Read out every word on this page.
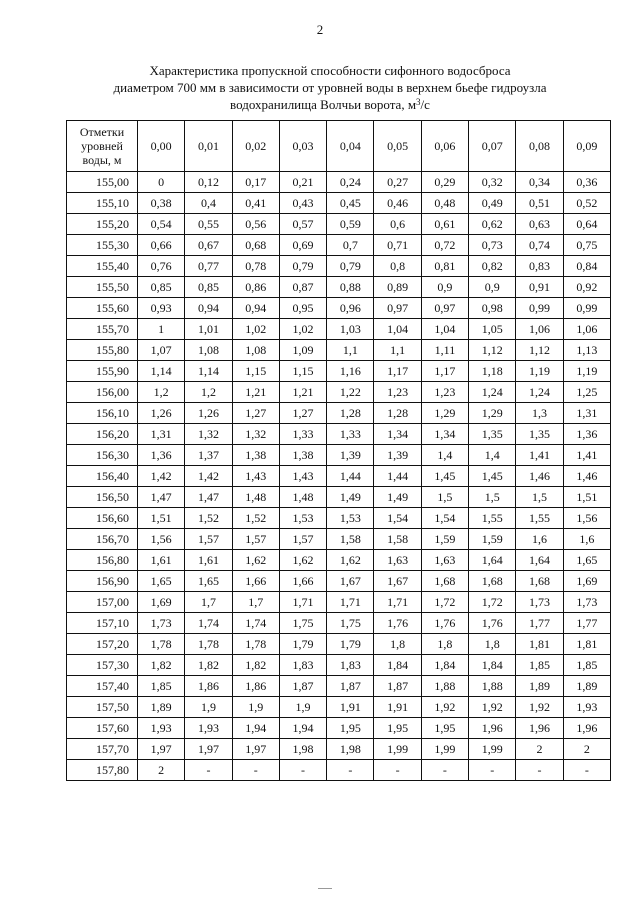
2
Характеристика пропускной способности сифонного водосброса
диаметром 700 мм в зависимости от уровней воды в верхнем бьефе гидроузла
водохранилища Волчьи ворота, $м^3/с$
Отметки
уровней
воды, м	0,00	0,01	0,02	0,03	0,04	0,05	0,06	0,07	0,08	0,09
155,00	0	0,12	0,17	0,21	0,24	0,27	0,29	0,32	0,34	0,36
155,10	0,38	0,4	0,41	0,43	0,45	0,46	0,48	0,49	0,51	0,52
155,20	0,54	0,55	0,56	0,57	0,59	0,6	0,61	0,62	0,63	0,64
155,30	0,66	0,67	0,68	0,69	0,7	0,71	0,72	0,73	0,74	0,75
155,40	0,76	0,77	0,78	0,79	0,79	0,8	0,81	0,82	0,83	0,84
155,50	0,85	0,85	0,86	0,87	0,88	0,89	0,9	0,9	0,91	0,92
155,60	0,93	0,94	0,94	0,95	0,96	0,97	0,97	0,98	0,99	0,99
155,70	1	1,01	1,02	1,02	1,03	1,04	1,04	1,05	1,06	1,06
155,80	1,07	1,08	1,08	1,09	1,1	1,1	1,11	1,12	1,12	1,13
155,90	1,14	1,14	1,15	1,15	1,16	1,17	1,17	1,18	1,19	1,19
156,00	1,2	1,2	1,21	1,21	1,22	1,23	1,23	1,24	1,24	1,25
156,10	1,26	1,26	1,27	1,27	1,28	1,28	1,29	1,29	1,3	1,31
156,20	1,31	1,32	1,32	1,33	1,33	1,34	1,34	1,35	1,35	1,36
156,30	1,36	1,37	1,38	1,38	1,39	1,39	1,4	1,4	1,41	1,41
156,40	1,42	1,42	1,43	1,43	1,44	1,44	1,45	1,45	1,46	1,46
156,50	1,47	1,47	1,48	1,48	1,49	1,49	1,5	1,5	1,5	1,51
156,60	1,51	1,52	1,52	1,53	1,53	1,54	1,54	1,55	1,55	1,56
156,70	1,56	1,57	1,57	1,57	1,58	1,58	1,59	1,59	1,6	1,6
156,80	1,61	1,61	1,62	1,62	1,62	1,63	1,63	1,64	1,64	1,65
156,90	1,65	1,65	1,66	1,66	1,67	1,67	1,68	1,68	1,68	1,69
157,00	1,69	1,7	1,7	1,71	1,71	1,71	1,72	1,72	1,73	1,73
157,10	1,73	1,74	1,74	1,75	1,75	1,76	1,76	1,76	1,77	1,77
157,20	1,78	1,78	1,78	1,79	1,79	1,8	1,8	1,8	1,81	1,81
157,30	1,82	1,82	1,82	1,83	1,83	1,84	1,84	1,84	1,85	1,85
157,40	1,85	1,86	1,86	1,87	1,87	1,87	1,88	1,88	1,89	1,89
157,50	1,89	1,9	1,9	1,9	1,91	1,91	1,92	1,92	1,92	1,93
157,60	1,93	1,93	1,94	1,94	1,95	1,95	1,95	1,96	1,96	1,96
157,70	1,97	1,97	1,97	1,98	1,98	1,99	1,99	1,99	2	2
157,80	2	-	-	-	-	-	-	-	-	-
